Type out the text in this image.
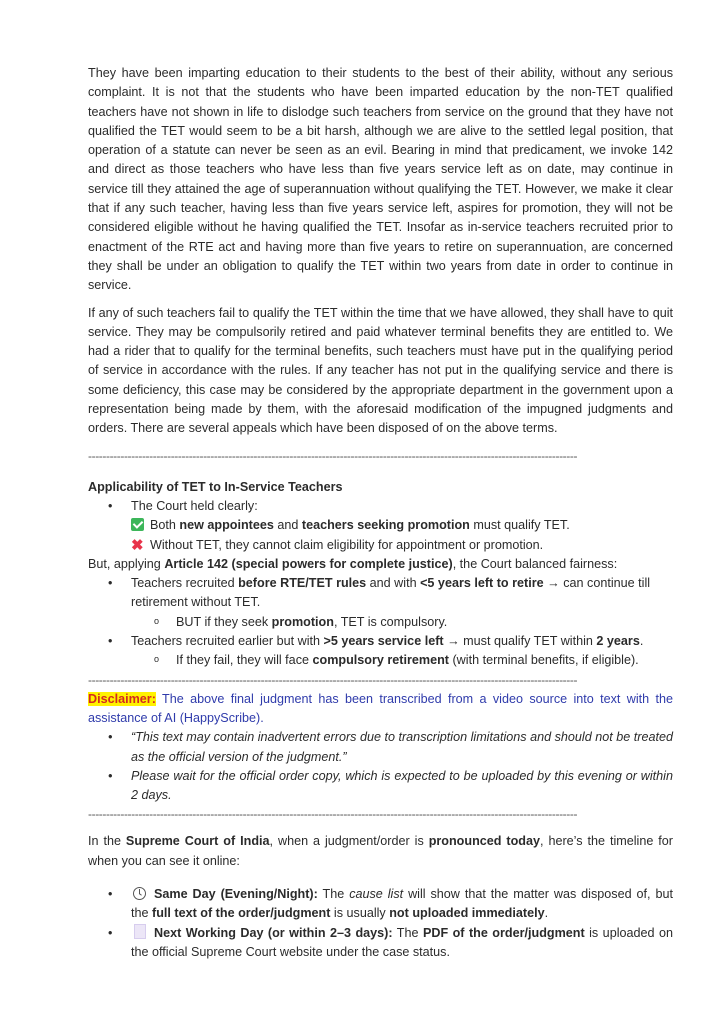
They have been imparting education to their students to the best of their ability, without any serious complaint. It is not that the students who have been imparted education by the non-TET qualified teachers have not shown in life to dislodge such teachers from service on the ground that they have not qualified the TET would seem to be a bit harsh, although we are alive to the settled legal position, that operation of a statute can never be seen as an evil. Bearing in mind that predicament, we invoke 142 and direct as those teachers who have less than five years service left as on date, may continue in service till they attained the age of superannuation without qualifying the TET. However, we make it clear that if any such teacher, having less than five years service left, aspires for promotion, they will not be considered eligible without he having qualified the TET. Insofar as in-service teachers recruited prior to enactment of the RTE act and having more than five years to retire on superannuation, are concerned they shall be under an obligation to qualify the TET within two years from date in order to continue in service.

If any of such teachers fail to qualify the TET within the time that we have allowed, they shall have to quit service. They may be compulsorily retired and paid whatever terminal benefits they are entitled to. We had a rider that to qualify for the terminal benefits, such teachers must have put in the qualifying period of service in accordance with the rules. If any teacher has not put in the qualifying service and there is some deficiency, this case may be considered by the appropriate department in the government upon a representation being made by them, with the aforesaid modification of the impugned judgments and orders. There are several appeals which have been disposed of on the above terms.

----------------------------------------------------------------------------------------------------------------------------------------
Applicability of TET to In-Service Teachers
• The Court held clearly:
Both new appointees and teachers seeking promotion must qualify TET.
✖ Without TET, they cannot claim eligibility for appointment or promotion.
But, applying Article 142 (special powers for complete justice), the Court balanced fairness:
• Teachers recruited before RTE/TET rules and with <5 years left to retire → can continue till retirement without TET.
o BUT if they seek promotion, TET is compulsory.
• Teachers recruited earlier but with >5 years service left → must qualify TET within 2 years.
o If they fail, they will face compulsory retirement (with terminal benefits, if eligible).
----------------------------------------------------------------------------------------------------------------------------------------

Disclaimer: The above final judgment has been transcribed from a video source into text with the assistance of AI (HappyScribe).

• “This text may contain inadvertent errors due to transcription limitations and should not be treated as the official version of the judgment.”
• Please wait for the official order copy, which is expected to be uploaded by this evening or within 2 days.
----------------------------------------------------------------------------------------------------------------------------------------

In the Supreme Court of India, when a judgment/order is pronounced today, here’s the timeline for when you can see it online:

• Same Day (Evening/Night): The cause list will show that the matter was disposed of, but the full text of the order/judgment is usually not uploaded immediately.
• Next Working Day (or within 2–3 days): The PDF of the order/judgment is uploaded on the official Supreme Court website under the case status.
